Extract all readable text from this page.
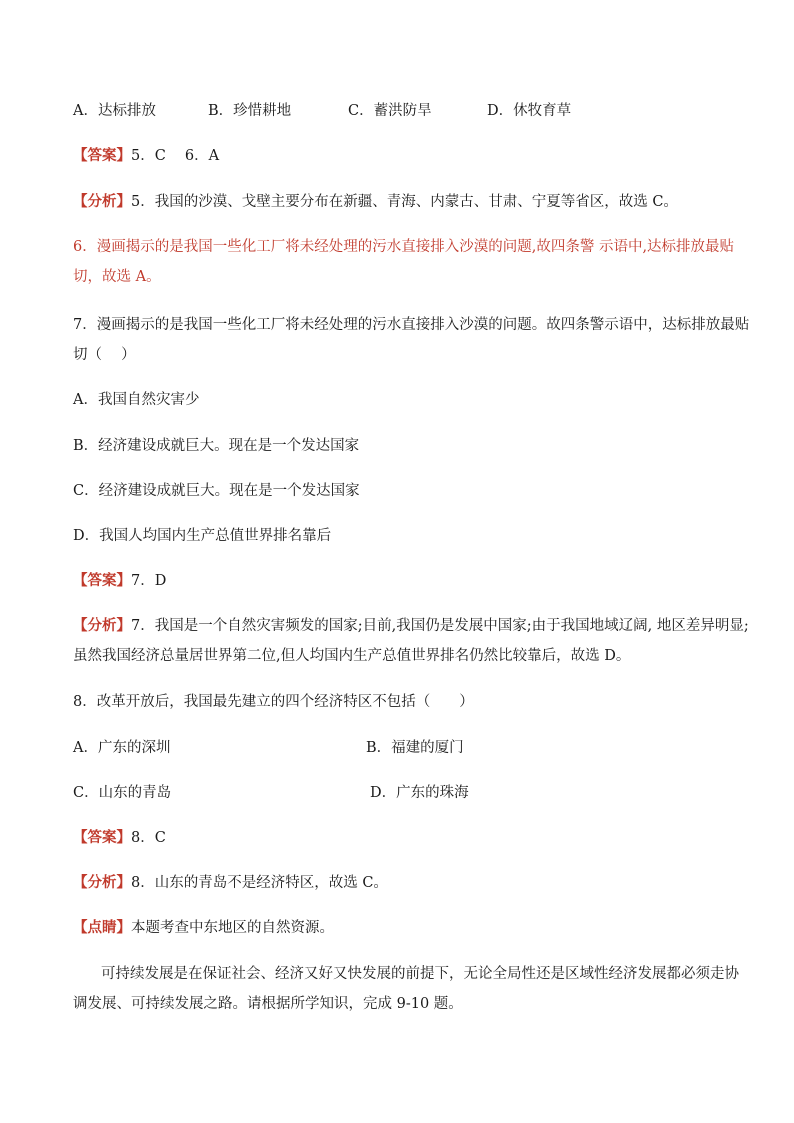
A．达标排放	B．珍惜耕地	C．蓄洪防旱	D．休牧育草
【答案】5．C　 6．A
【分析】5．我国的沙漠、戈壁主要分布在新疆、青海、内蒙古、甘肃、宁夏等省区，故选 C。
6．漫画揭示的是我国一些化工厂将未经处理的污水直接排入沙漠的问题,故四条警 示语中,达标排放最贴
切，故选 A。
7．漫画揭示的是我国一些化工厂将未经处理的污水直接排入沙漠的问题。故四条警示语中，达标排放最贴
切（　 ）
A．我国自然灾害少
B．经济建设成就巨大。现在是一个发达国家
C．经济建设成就巨大。现在是一个发达国家
D．我国人均国内生产总值世界排名靠后
【答案】7．D
【分析】7．我国是一个自然灾害频发的国家;目前,我国仍是发展中国家;由于我国地域辽阔, 地区差异明显;
虽然我国经济总量居世界第二位,但人均国内生产总值世界排名仍然比较靠后，故选 D。
8．改革开放后，我国最先建立的四个经济特区不包括（　　）
A．广东的深圳	B．福建的厦门
C．山东的青岛	D．广东的珠海
【答案】8．C
【分析】8．山东的青岛不是经济特区，故选 C。
【点睛】本题考查中东地区的自然资源。
可持续发展是在保证社会、经济又好又快发展的前提下，无论全局性还是区域性经济发展都必须走协
调发展、可持续发展之路。请根据所学知识，完成 9-10 题。
